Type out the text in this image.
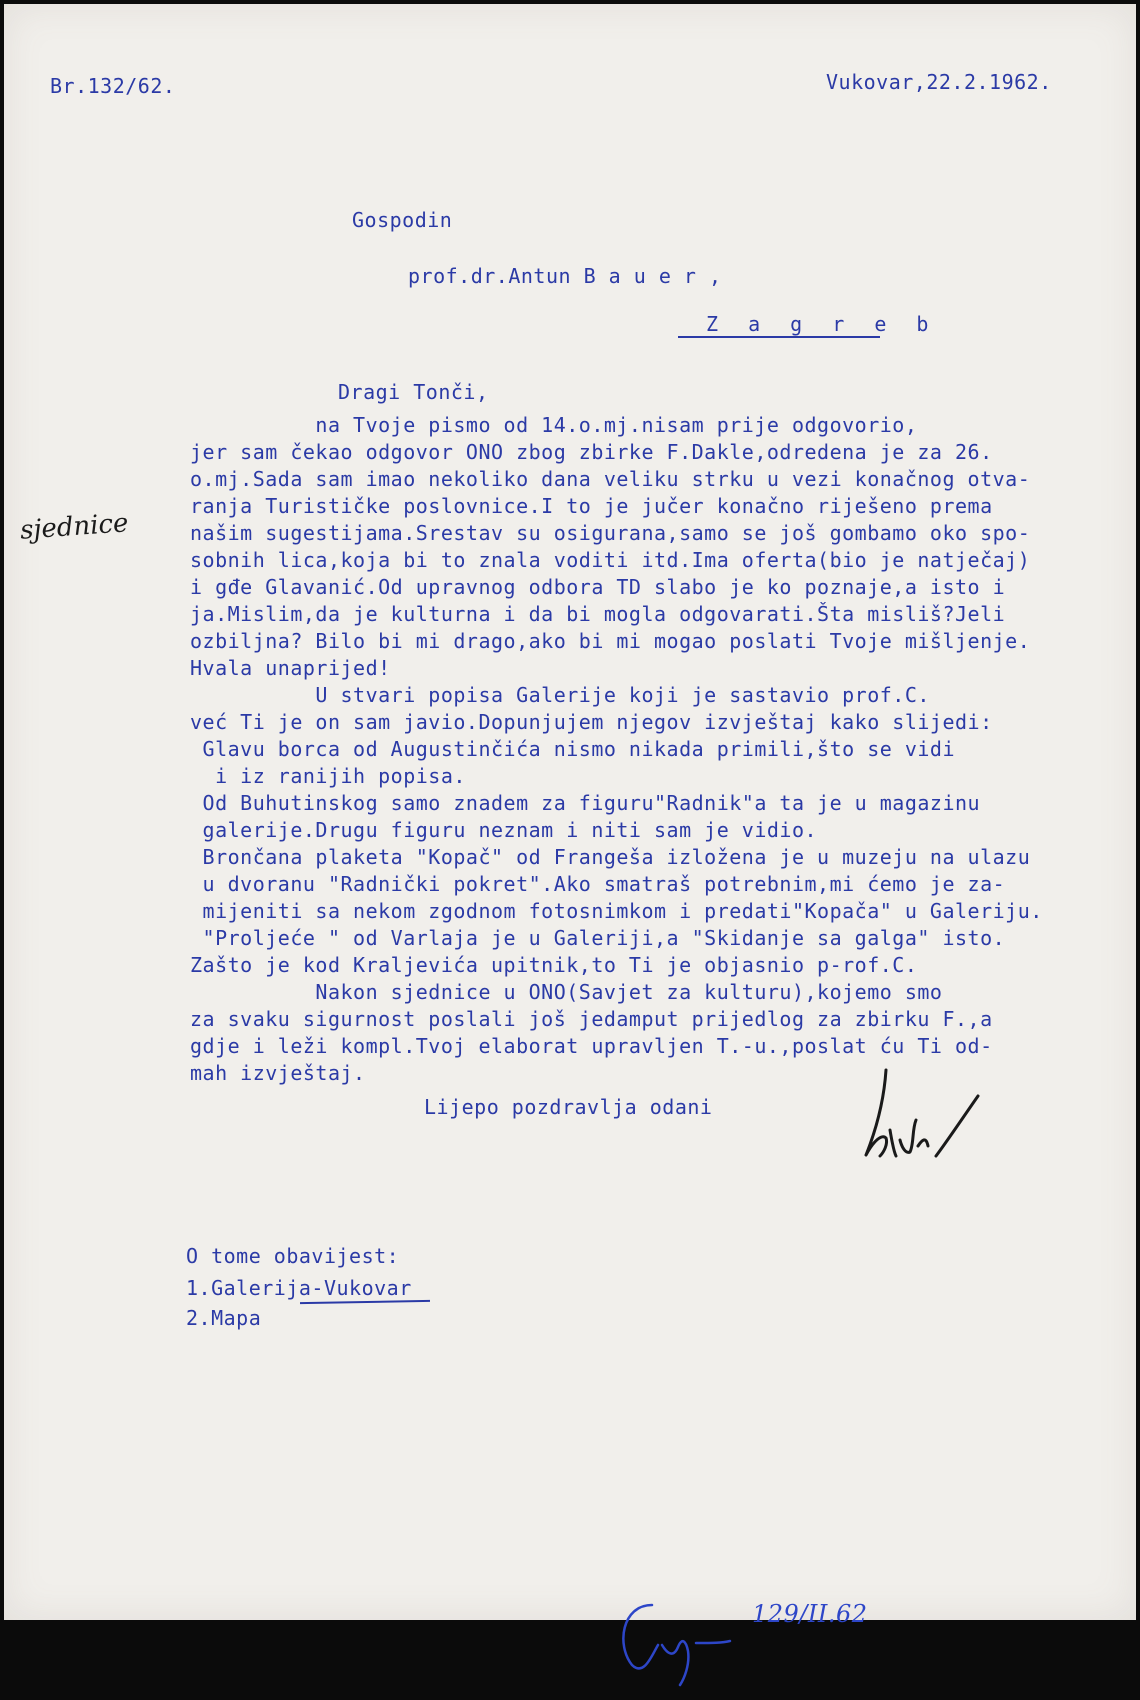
Br.132/62.	Vukovar,22.2.1962.

Gospodin

prof.dr.Antun B a u e r ,

Z a g r e b

Dragi Tonči,

na Tvoje pismo od 14.o.mj.nisam prije odgovorio,
jer sam čekao odgovor ONO zbog zbirke F.Dakle,odredena je za 26.
o.mj.Sada sam imao nekoliko dana veliku strku u vezi konačnog otva-
ranja Turističke poslovnice.I to je jučer konačno riješeno prema
našim sugestijama.Srestav su osigurana,samo se još gombamo oko spo-
sobnih lica,koja bi to znala voditi itd.Ima oferta(bio je natječaj)
i gđe Glavanić.Od upravnog odbora TD slabo je ko poznaje,a isto i
ja.Mislim,da je kulturna i da bi mogla odgovarati.Šta misliš?Jeli
ozbiljna? Bilo bi mi drago,ako bi mi mogao poslati Tvoje mišljenje.
Hvala unaprijed!
U stvari popisa Galerije koji je sastavio prof.C.
već Ti je on sam javio.Dopunjujem njegov izvještaj kako slijedi:
Glavu borca od Augustinčića nismo nikada primili,što se vidi
i iz ranijih popisa.
Od Buhutinskog samo znadem za figuru"Radnik"a ta je u magazinu
galerije.Drugu figuru neznam i niti sam je vidio.
Brončana plaketa "Kopač" od Frangeša izložena je u muzeju na ulazu
u dvoranu "Radnički pokret".Ako smatraš potrebnim,mi ćemo je za-
mijeniti sa nekom zgodnom fotosnimkom i predati"Kopača" u Galeriju.
"Proljeće " od Varlaja je u Galeriji,a "Skidanje sa galga" isto.
Zašto je kod Kraljevića upitnik,to Ti je objasnio p-rof.C.
Nakon sjednice u ONO(Savjet za kulturu),kojemo smo
za svaku sigurnost poslali još jedamput prijedlog za zbirku F.,a
gdje i leži kompl.Tvoj elaborat upravljen T.-u.,poslat ću Ti od-
mah izvještaj.

Lijepo pozdravlja odani

sjednice

O tome obavijest:

1.Galerija-Vukovar
2.Mapa

129/II.62
